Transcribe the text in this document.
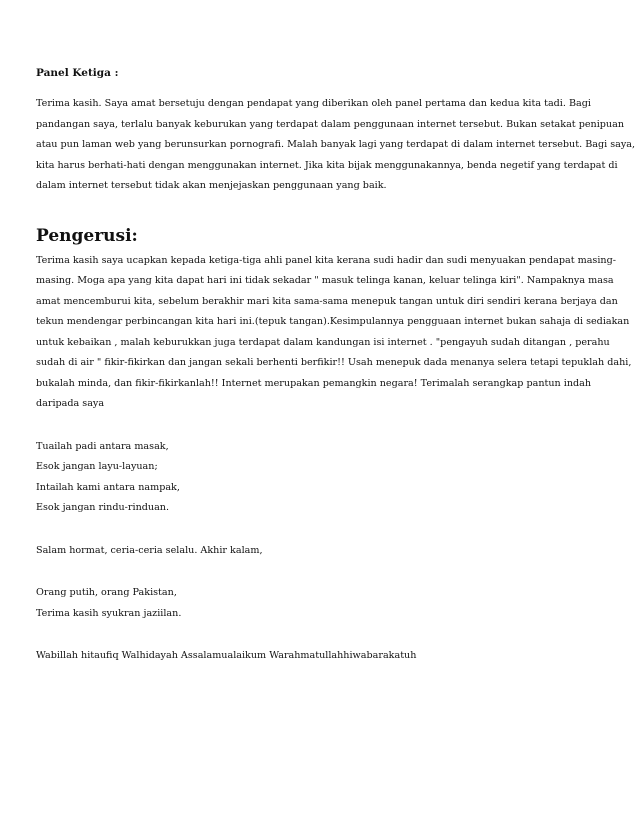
Panel Ketiga :

Terima kasih. Saya amat bersetuju dengan pendapat yang diberikan oleh panel pertama dan kedua kita tadi. Bagi
pandangan saya, terlalu banyak keburukan yang terdapat dalam penggunaan internet tersebut. Bukan setakat penipuan
atau pun laman web yang berunsurkan pornografi. Malah banyak lagi yang terdapat di dalam internet tersebut. Bagi saya,
kita harus berhati-hati dengan menggunakan internet. Jika kita bijak menggunakannya, benda negetif yang terdapat di
dalam internet tersebut tidak akan menjejaskan penggunaan yang baik.

Pengerusi:

Terima kasih saya ucapkan kepada ketiga-tiga ahli panel kita kerana sudi hadir dan sudi menyuakan pendapat masing-
masing. Moga apa yang kita dapat hari ini tidak sekadar " masuk telinga kanan, keluar telinga kiri". Nampaknya masa
amat mencemburui kita, sebelum berakhir mari kita sama-sama menepuk tangan untuk diri sendiri kerana berjaya dan
tekun mendengar perbincangan kita hari ini.(tepuk tangan).Kesimpulannya pengguaan internet bukan sahaja di sediakan
untuk kebaikan , malah keburukkan juga terdapat dalam kandungan isi internet . "pengayuh sudah ditangan , perahu
sudah di air " fikir-fikirkan dan jangan sekali berhenti berfikir!! Usah menepuk dada menanya selera tetapi tepuklah dahi,
bukalah minda, dan fikir-fikirkanlah!! Internet merupakan pemangkin negara! Terimalah serangkap pantun indah
daripada saya

Tuailah padi antara masak,
Esok jangan layu-layuan;
Intailah kami antara nampak,
Esok jangan rindu-rinduan.

Salam hormat, ceria-ceria selalu. Akhir kalam,

Orang putih, orang Pakistan,
Terima kasih syukran jaziilan.

Wabillah hitaufiq Walhidayah Assalamualaikum Warahmatullahhiwabarakatuh
